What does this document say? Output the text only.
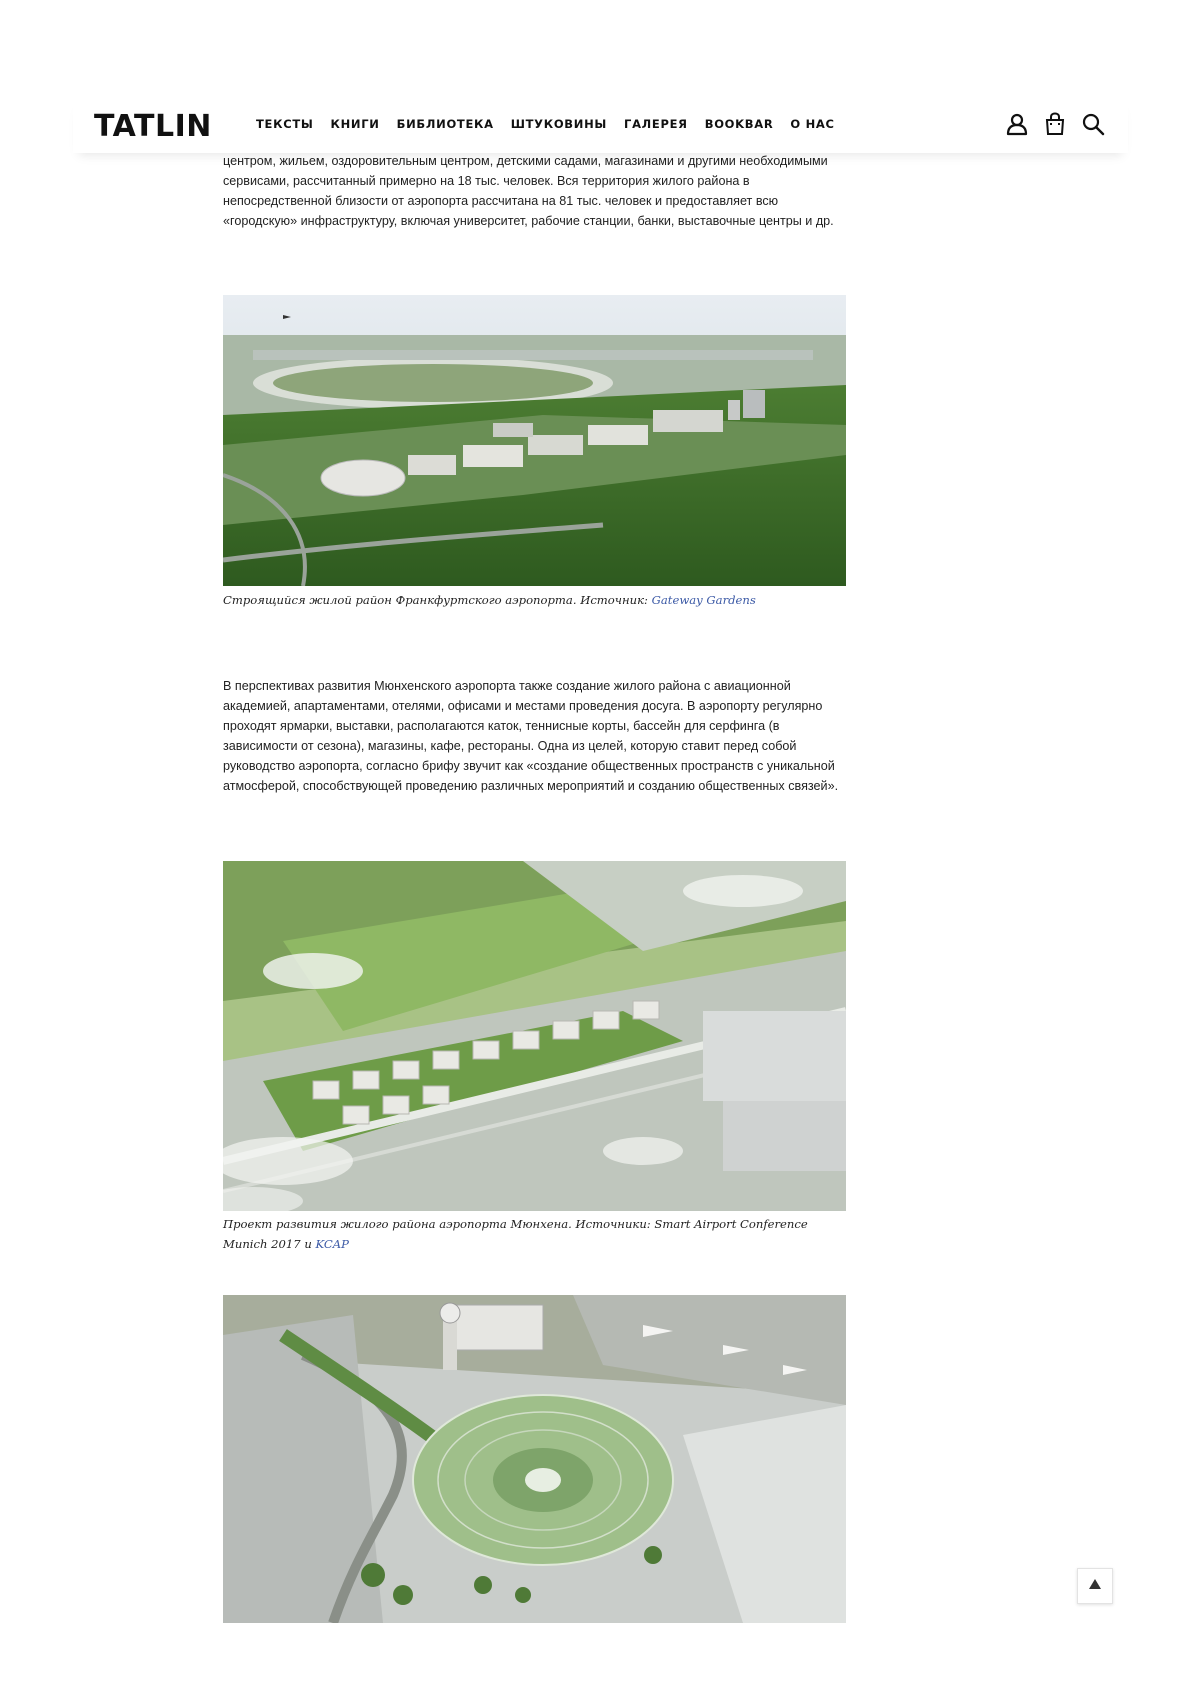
TATLIN	ТЕКСТЫ КНИГИ БИБЛИОТЕКА ШТУКОВИНЫ ГАЛЕРЕЯ BOOKBAR О НАС

центром, жильем, оздоровительным центром, детскими садами, магазинами и другими необходимыми сервисами, рассчитанный примерно на 18 тыс. человек. Вся территория жилого района в непосредственной близости от аэропорта рассчитана на 81 тыс. человек и предоставляет всю «городскую» инфраструктуру, включая университет, рабочие станции, банки, выставочные центры и др.

Строящийся жилой район Франкфуртского аэропорта. Источник: Gateway Gardens

В перспективах развития Мюнхенского аэропорта также создание жилого района с авиационной академией, апартаментами, отелями, офисами и местами проведения досуга. В аэропорту регулярно проходят ярмарки, выставки, располагаются каток, теннисные корты, бассейн для серфинга (в зависимости от сезона), магазины, кафе, рестораны. Одна из целей, которую ставит перед собой руководство аэропорта, согласно брифу звучит как «создание общественных пространств с уникальной атмосферой, способствующей проведению различных мероприятий и созданию общественных связей».

Проект развития жилого района аэропорта Мюнхена. Источники: Smart Airport Conference Munich 2017 и KCAP
